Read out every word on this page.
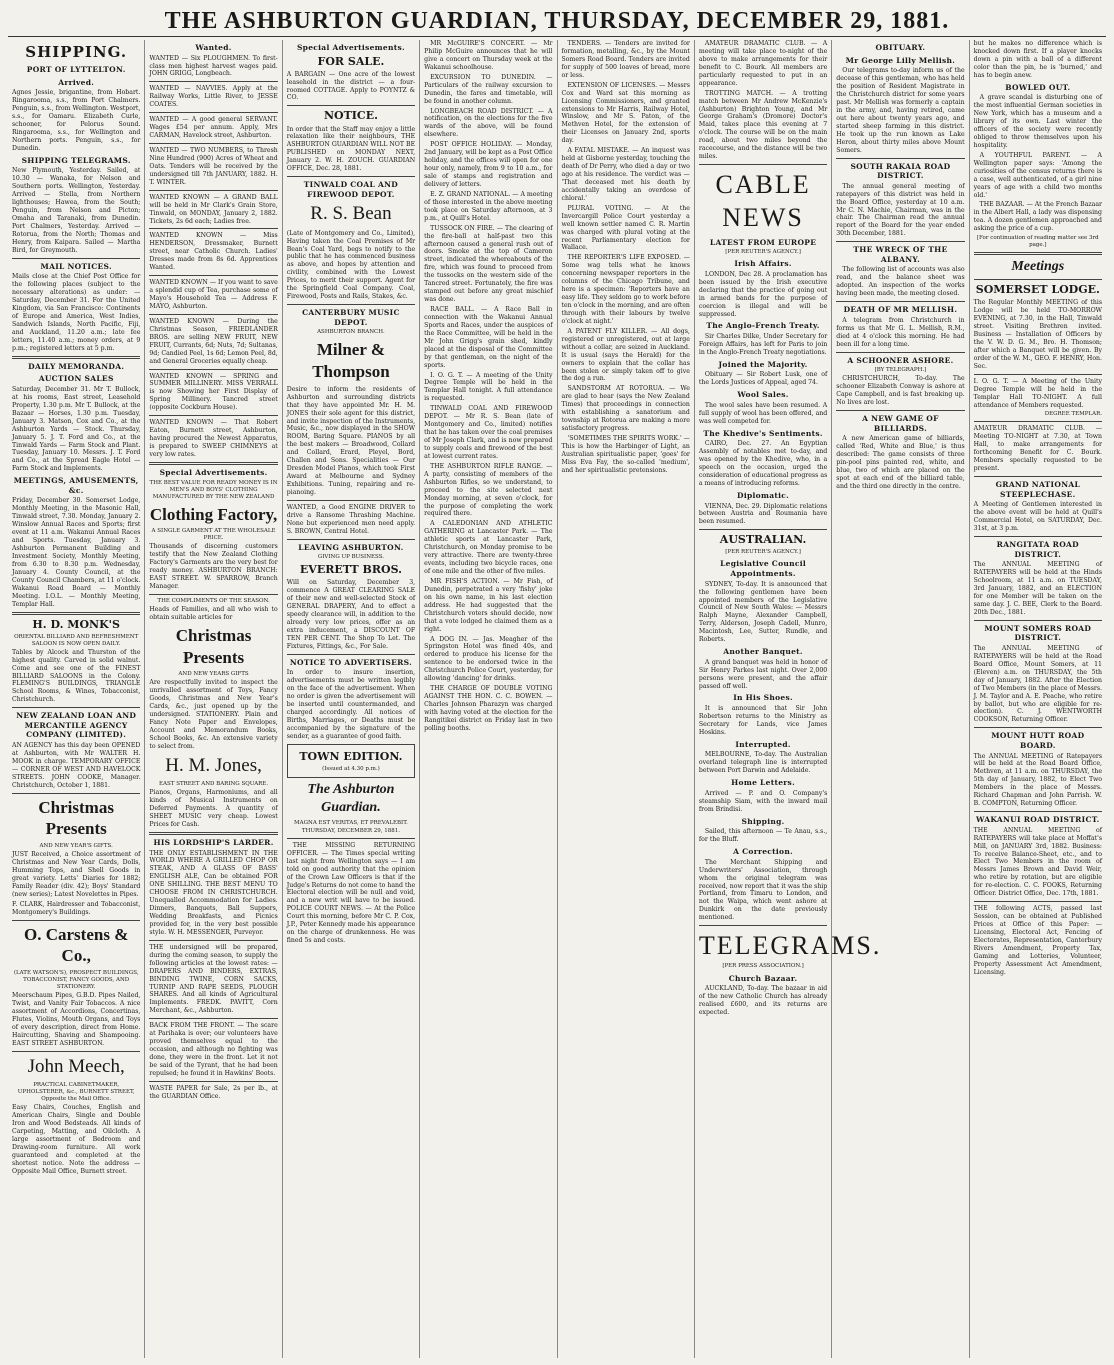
THE ASHBURTON GUARDIAN, THURSDAY, DECEMBER 29, 1881.
SHIPPING.
PORT OF LYTTELTON.
Arrived.

Agnes Jessie, brigantine, from Hobart. Ringarooma, s.s., from Port Chalmers. Penguin, s.s., from Wellington. Westport, s.s., for Oamaru. Elizabeth Curle, schooner, for Pelorus Sound. Ringarooma, s.s., for Wellington and Northern ports. Penguin, s.s., for Dunedin.

SHIPPING TELEGRAMS.

New Plymouth, Yesterday. Sailed, at 10.30 — Wanaka, for Nelson and Southern ports. Wellington, Yesterday. Arrived — Stella, from Northern lighthouses; Hawea, from the South; Penguin, from Nelson and Picton; Omaha and Taranaki, from Dunedin. Port Chalmers, Yesterday. Arrived — Rotorua, from the North; Thomas and Henry, from Kaipara. Sailed — Martha Bird, for Greymouth.

MAIL NOTICES.

Mails close at the Chief Post Office for the following places (subject to the necessary alterations) as under: — Saturday, December 31. For the United Kingdom, via San Francisco: Continents of Europe and America, West Indies, Sandwich Islands, North Pacific, Fiji, and Auckland, 11.20 a.m.; late fee letters, 11.40 a.m.; money orders, at 9 p.m.; registered letters at 5 p.m.

DAILY MEMORANDA.
AUCTION SALES

Saturday, December 31. Mr T. Bullock, at his rooms, East street, Leasehold Property, 1.30 p.m. Mr T. Bullock, at the Bazaar — Horses, 1.30 p.m. Tuesday, January 3. Matson, Cox and Co., at the Ashburton Yards — Stock. Thursday, January 5. J. T. Ford and Co., at the Tinwald Yards — Farm Stock and Plant. Tuesday, January 10. Messrs. J. T. Ford and Co., at the Spread Eagle Hotel — Farm Stock and Implements.

MEETINGS, AMUSEMENTS, &c.

Friday, December 30. Somerset Lodge, Monthly Meeting, in the Masonic Hall, Tinwald street, 7.30. Monday, January 2. Winslow Annual Races and Sports; first event at 11 a.m. Wakanui Annual Races and Sports. Tuesday, January 3. Ashburton Permanent Building and Investment Society, Monthly Meeting, from 6.30 to 8.30 p.m. Wednesday, January 4. County Council, at the County Council Chambers, at 11 o'clock. Wakanui Road Board — Monthly Meeting. I.O.L. — Monthly Meeting, Templar Hall.

H. D. MONK'S
ORIENTAL BILLIARD AND REFRESHMENT SALOON IS NOW OPEN DAILY.

Tables by Alcock and Thurston of the highest quality. Carved in solid walnut. Come and see one of the FINEST BILLIARD SALOONS in the Colony. FLEMING'S BUILDINGS, TRIANGLE School Rooms, & Wines, Tobacconist, Christchurch.

NEW ZEALAND LOAN AND MERCANTILE AGENCY COMPANY (LIMITED).

AN AGENCY has this day been OPENED at Ashburton, with Mr WALTER H. MOOK in charge. TEMPORARY OFFICE — CORNER OF WEST AND HAVELOCK STREETS. JOHN COOKE, Manager. Christchurch, October 1, 1881.

Christmas Presents
AND NEW YEAR'S GIFTS.

JUST Received, a Choice assortment of Christmas and New Year Cards, Dolls, Humming Tops, and Shell Goods in great variety. Letts' Diaries for 1882; Family Reader (div. 42); Boys' Standard (new series); Latest Novelettes in Pipes.

F. CLARK, Hairdresser and Tobacconist, Montgomery's Buildings.

O. Carstens & Co.,
(LATE WATSON'S), PROSPECT BUILDINGS, TOBACCONIST, FANCY GOODS, AND STATIONERY.

Meerschaum Pipes, G.B.D. Pipes Nailed, Twist, and Vanity Fair Tobaccos. A nice assortment of Accordions, Concertinas, Flutes, Violins, Mouth Organs, and Toys of every description, direct from Home. Haircutting, Shaving and Shampooing. EAST STREET ASHBURTON.

John Meech,
PRACTICAL CABINETMAKER, UPHOLSTERER, &c., BURNETT STREET, Opposite the Mail Office.

Easy Chairs, Couches, English and American Chairs, Single and Double Iron and Wood Bedsteads. All kinds of Carpeting, Matting, and Oilcloth. A large assortment of Bedroom and Drawing-room furniture. All work guaranteed and completed at the shortest notice. Note the address — Opposite Mail Office, Burnett street.

Wanted.

WANTED — Six PLOUGHMEN. To first-class men highest harvest wages paid. JOHN GRIGG, Longbeach.

WANTED — NAVVIES. Apply at the Railway Works, Little River, to JESSE COATES.

WANTED — A good general SERVANT. Wages £54 per annum. Apply, Mrs CARMAN, Havelock street, Ashburton.

WANTED — TWO NUMBERS, to Thresh Nine Hundred (900) Acres of Wheat and Oats. Tenders will be received by the undersigned till 7th JANUARY, 1882. H. T. WINTER.

WANTED KNOWN — A GRAND BALL will be held in Mr Clark's Grain Store, Tinwald, on MONDAY, January 2, 1882. Tickets, 2s 6d each; Ladies free.

WANTED KNOWN — Miss HENDERSON, Dressmaker, Burnett street, near Catholic Church. Ladies' Dresses made from 8s 6d. Apprentices Wanted.

WANTED KNOWN — If you want to save a splendid cup of Tea, purchase some of Mayo's Household Tea — Address F. MAYO, Ashburton.

WANTED KNOWN — During the Christmas Season, FRIEDLANDER BROS. are selling NEW FRUIT, NEW FRUIT, Currants, 6d; Nuts, 7d; Sultanas, 9d; Candied Peel, 1s 6d; Lemon Peel, 8d, and General Groceries equally cheap.

WANTED KNOWN — SPRING and SUMMER MILLINERY. MISS VERRALL is now Showing her First Display of Spring Millinery. Tancred street (opposite Cockburn House).

WANTED KNOWN — That Robert Eaton, Burnett street, Ashburton, having procured the Newest Apparatus, is prepared to SWEEP CHIMNEYS at very low rates.

Special Advertisements.
THE BEST VALUE FOR READY MONEY IS IN MEN'S AND BOYS' CLOTHING MANUFACTURED BY THE NEW ZEALAND
Clothing Factory,
A SINGLE GARMENT AT THE WHOLESALE PRICE.

Thousands of discerning customers testify that the New Zealand Clothing Factory's Garments are the very best for ready money. ASHBURTON BRANCH: EAST STREET. W. SPARROW, Branch Manager.

THE COMPLIMENTS OF THE SEASON.

Heads of Families, and all who wish to obtain suitable articles for

Christmas Presents
AND NEW YEARS GIFTS

Are respectfully invited to inspect the unrivalled assortment of Toys, Fancy Goods, Christmas and New Year's Cards, &c., just opened up by the undersigned. STATIONERY. Plain and Fancy Note Paper and Envelopes, Account and Memorandum Books, School Books, &c. An extensive variety to select from.

H. M. Jones,
EAST STREET AND BARING SQUARE.

Pianos, Organs, Harmoniums, and all kinds of Musical Instruments on Deferred Payments. A quantity of SHEET MUSIC very cheap. Lowest Prices for Cash.

HIS LORDSHIP'S LARDER.

THE ONLY ESTABLISHMENT IN THE WORLD WHERE A GRILLED CHOP OR STEAK, AND A GLASS OF BASS' ENGLISH ALE, Can be obtained FOR ONE SHILLING. THE BEST MENU TO CHOOSE FROM IN CHRISTCHURCH. Unequalled Accommodation for Ladies. Dinners, Banquets, Ball Suppers, Wedding Breakfasts, and Picnics provided for, in the very best possible style. W. H. MESSENGER, Purveyor.

THE undersigned will be prepared, during the coming season, to supply the following articles at the lowest rates: — DRAPERS AND BINDERS, EXTRAS, BINDING TWINE, CORN SACKS, TURNIP AND RAPE SEEDS, PLOUGH SHARES. And all kinds of Agricultural Implements. FREDK. PAVITT, Corn Merchant, &c., Ashburton.

BACK FROM THE FRONT. — The scare at Parihaka is over; our volunteers have proved themselves equal to the occasion, and although no fighting was done, they were in the front. Let it not be said of the Tyrant, that he had been repulsed; he found it in Hawkins' Boots.

WASTE PAPER for Sale, 2s per lb., at the GUARDIAN Office.

Special Advertisements.
FOR SALE.

A BARGAIN — One acre of the lowest leasehold in the district — a four-roomed COTTAGE. Apply to POYNTZ & CO.

NOTICE.

In order that the Staff may enjoy a little relaxation like their neighbours, THE ASHBURTON GUARDIAN WILL NOT BE PUBLISHED on MONDAY NEXT, January 2. W. H. ZOUCH. GUARDIAN OFFICE, Dec. 28, 1881.

TINWALD COAL AND FIREWOOD DEPOT.
R. S. Bean

(Late of Montgomery and Co., Limited), Having taken the Coal Premises of Mr Bean's Coal Yard, begs to notify to the public that he has commenced business as above, and hopes by attention and civility, combined with the Lowest Prices, to merit their support. Agent for the Springfield Coal Company. Coal, Firewood, Posts and Rails, Stakes, &c.

CANTERBURY MUSIC DEPOT.
ASHBURTON BRANCH.
Milner & Thompson

Desire to inform the residents of Ashburton and surrounding districts that they have appointed Mr. H. M. JONES their sole agent for this district, and invite inspection of the Instruments, Music, &c., now displayed in the SHOW ROOM, Baring Square. PIANOS by all the best makers — Broadwood, Collard and Collard, Erard, Pleyel, Bord, Challen and Sons. Specialities — Our Dresden Model Pianos, which took First Award at Melbourne and Sydney Exhibitions. Tuning, repairing and re-pianoing.

WANTED, a Good ENGINE DRIVER to drive a Ransome Thrashing Machine. None but experienced men need apply. S. BROWN, Central Hotel.

LEAVING ASHBURTON.
GIVING UP BUSINESS.
EVERETT BROS.

Will on Saturday, December 3, commence A GREAT CLEARING SALE of their new and well-selected Stock of GENERAL DRAPERY, And to effect a speedy clearance will, in addition to the already very low prices, offer as an extra inducement, a DISCOUNT OF TEN PER CENT. The Shop To Let. The Fixtures, Fittings, &c., For Sale.

NOTICE TO ADVERTISERS.

In order to insure insertion, advertisements must be written legibly on the face of the advertisement. When no order is given the advertisement will be inserted until countermanded, and charged accordingly. All notices of Births, Marriages, or Deaths must be accompanied by the signature of the sender, as a guarantee of good faith.

TOWN EDITION.
(Issued at 4.30 p.m.)
The Ashburton Guardian.
MAGNA EST VERITAS, ET PREVALEBIT.
THURSDAY, DECEMBER 29, 1881.

THE MISSING RETURNING OFFICER. — The Times special writing last night from Wellington says — I am told on good authority that the opinion of the Crown Law Officers is that if the Judge's Returns do not come to hand the Electoral election will be null and void, and a new writ will have to be issued. POLICE COURT NEWS. — At the Police Court this morning, before Mr C. P. Cox, J.P., Peter Kennedy made his appearance on the charge of drunkenness. He was fined 5s and costs.

MR McGUIRE'S CONCERT. — Mr Philip McGuire announces that he will give a concert on Thursday week at the Wakanui schoolhouse.

EXCURSION TO DUNEDIN. — Particulars of the railway excursion to Dunedin, the fares and timetable, will be found in another column.

LONGBEACH ROAD DISTRICT. — A notification, on the elections for the five wards of the above, will be found elsewhere.

POST OFFICE HOLIDAY. — Monday, 2nd January, will be kept as a Post Office holiday, and the offices will open for one hour only, namely, from 9 to 10 a.m., for sale of stamps and registration and delivery of letters.

E. Z. GRAND NATIONAL. — A meeting of those interested in the above meeting took place on Saturday afternoon, at 3 p.m., at Quill's Hotel.

TUSSOCK ON FIRE. — The clearing of the fire-ball at half-past two this afternoon caused a general rush out of doors. Smoke at the top of Cameron street, indicated the whereabouts of the fire, which was found to proceed from the tussocks on the western side of the Tancred street. Fortunately, the fire was stamped out before any great mischief was done.

RACE BALL. — A Race Ball in connection with the Wakanui Annual Sports and Races, under the auspices of the Race Committee, will be held in the Mr John Grigg's grain shed, kindly placed at the disposal of the Committee by that gentleman, on the night of the sports.

I. O. G. T. — A meeting of the Unity Degree Temple will be held in the Templar Hall tonight. A full attendance is requested.

TINWALD COAL AND FIREWOOD DEPOT. — Mr R. S. Bean (late of Montgomery and Co., limited) notifies that he has taken over the coal premises of Mr Joseph Clark, and is now prepared to supply coals and firewood of the best at lowest current rates.

THE ASHBURTON RIFLE RANGE. — A party, consisting of members of the Ashburton Rifles, so we understand, to proceed to the site selected next Monday morning, at seven o'clock, for the purpose of completing the work required there.

A CALEDONIAN AND ATHLETIC GATHERING at Lancaster Park. — The athletic sports at Lancaster Park, Christchurch, on Monday promise to be very attractive. There are twenty-three events, including two bicycle races, one of one mile and the other of five miles.

MR FISH'S ACTION. — Mr Fish, of Dunedin, perpetrated a very 'fishy' joke on his own name, in his last election address. He had suggested that the Christchurch voters should decide, now that a vote lodged he claimed them as a right.

A DOG IN. — Jas. Meagher of the Springston Hotel was fined 40s, and ordered to produce his license for the sentence to be endorsed twice in the Christchurch Police Court, yesterday, for allowing 'dancing' for drinks.

THE CHARGE OF DOUBLE VOTING AGAINST THE HON. C. C. BOWEN. — Charles Johnson Pharazyn was charged with having voted at the election for the Rangitikei district on Friday last in two polling booths.

TENDERS. — Tenders are invited for formation, metalling, &c., by the Mount Somers Road Board. Tenders are invited for supply of 500 loaves of bread, more or less.

EXTENSION OF LICENSES. — Messrs Cox and Ward sat this morning as Licensing Commissioners, and granted extensions to Mr Harris, Railway Hotel, Winslow, and Mr S. Paton, of the Methven Hotel, for the extension of their Licenses on January 2nd, sports day.

A FATAL MISTAKE. — An inquest was held at Gisborne yesterday, touching the death of Dr Perry, who died a day or two ago at his residence. The verdict was — 'That deceased met his death by accidentally taking an overdose of chloral.'

PLURAL VOTING. — At the Invercargill Police Court yesterday a well known settler named C. R. Martin was charged with plural voting at the recent Parliamentary election for Wallace.

THE REPORTER'S LIFE EXPOSED. — Some wag tells what he knows concerning newspaper reporters in the columns of the Chicago Tribune, and here is a specimen: 'Reporters have an easy life. They seldom go to work before ten o'clock in the morning, and are often through with their labours by twelve o'clock at night.'

A PATENT FLY KILLER. — All dogs, registered or unregistered, out at large without a collar, are seized in Auckland. It is usual (says the Herald) for the owners to explain that the collar has been stolen or simply taken off to give the dog a run.

SANDSTORM AT ROTORUA. — We are glad to hear (says the New Zealand Times) that proceedings in connection with establishing a sanatorium and township at Rotorua are making a more satisfactory progress.

'SOMETIMES THE SPIRITS WORK.' — This is how the Harbinger of Light, an Australian spiritualistic paper, 'goes' for Miss Eva Fay, the so-called 'medium', and her spiritualistic pretensions.

AMATEUR DRAMATIC CLUB. — A meeting will take place to-night of the above to make arrangements for their benefit to C. Bourk. All members are particularly requested to put in an appearance.

TROTTING MATCH. — A trotting match between Mr Andrew McKenzie's (Ashburton) Brighton Young, and Mr George Graham's (Dromore) Doctor's Maid, takes place this evening at 7 o'clock. The course will be on the main road, about two miles beyond the racecourse, and the distance will be two miles.

CABLE NEWS
LATEST FROM EUROPE
[PER REUTER'S AGENCY.]
Irish Affairs.

LONDON, Dec 28. A proclamation has been issued by the Irish executive declaring that the practice of going out in armed bands for the purpose of coercion is illegal and will be suppressed.

The Anglo-French Treaty.

Sir Charles Dilke, Under Secretary for Foreign Affairs, has left for Paris to join in the Anglo-French Treaty negotiations.

Joined the Majority.

Obituary — Sir Robert Lusk, one of the Lords Justices of Appeal, aged 74.

Wool Sales.

The wool sales have been resumed. A full supply of wool has been offered, and was well competed for.

The Khedive's Sentiments.

CAIRO, Dec. 27. An Egyptian Assembly of notables met to-day, and was opened by the Khedive, who, in a speech on the occasion, urged the consideration of educational progress as a means of introducing reforms.

Diplomatic.

VIENNA, Dec. 29. Diplomatic relations between Austria and Roumania have been resumed.

AUSTRALIAN.
[PER REUTER'S AGENCY.]
Legislative Council Appointments.

SYDNEY, To-day. It is announced that the following gentlemen have been appointed members of the Legislative Council of New South Wales: — Messrs Ralph Mayne, Alexander Campbell, Terry, Alderson, Joseph Cadell, Munro, Macintosh, Lee, Sutter, Rundle, and Roberts.

Another Banquet.

A grand banquet was held in honor of Sir Henry Parkes last night. Over 2,000 persons were present, and the affair passed off well.

In His Shoes.

It is announced that Sir John Robertson returns to the Ministry as Secretary for Lands, vice James Hoskins.

Interrupted.

MELBOURNE, To-day. The Australian overland telegraph line is interrupted between Port Darwin and Adelaide.

Home Letters.

Arrived — P. and O. Company's steamship Siam, with the inward mail from Brindisi.

Shipping.

Sailed, this afternoon — Te Anau, s.s., for the Bluff.

A Correction.

The Merchant Shipping and Underwriters' Association, through whom the original telegram was received, now report that it was the ship Portland, from Timaru to London, and not the Waipa, which went ashore at Dunkirk on the date previously mentioned.

TELEGRAMS.
[PER PRESS ASSOCIATION.]
Church Bazaar.

AUCKLAND, To-day. The bazaar in aid of the new Catholic Church has already realised £600, and its returns are expected.

OBITUARY.
Mr George Lilly Mellish.

Our telegrams to-day inform us of the decease of this gentleman, who has held the position of Resident Magistrate in the Christchurch district for some years past. Mr Mellish was formerly a captain in the army, and, having retired, came out here about twenty years ago, and started sheep farming in this district. He took up the run known as Lake Heron, about thirty miles above Mount Somers.

SOUTH RAKAIA ROAD DISTRICT.

The annual general meeting of ratepayers of this district was held in the Board Office, yesterday at 10 a.m. Mr C. N. Machie, Chairman, was in the chair. The Chairman read the annual report of the Board for the year ended 30th December, 1881.

THE WRECK OF THE ALBANY.

The following list of accounts was also read, and the balance sheet was adopted. An inspection of the works having been made, the meeting closed.

DEATH OF MR MELLISH.

A telegram from Christchurch in forms us that Mr G. L. Mellish, R.M., died at 4 o'clock this morning. He had been ill for a long time.

A SCHOONER ASHORE.
[BY TELEGRAPH.]

CHRISTCHURCH, To-day. The schooner Elizabeth Conway is ashore at Cape Campbell, and is fast breaking up. No lives are lost.

A NEW GAME OF BILLIARDS.

A new American game of billiards, called 'Red, White and Blue,' is thus described: The game consists of three pin-pool pins painted red, white, and blue, two of which are placed on the spot at each end of the billiard table, and the third one directly in the centre.

but he makes no difference which is knocked down first. If a player knocks down a pin with a ball of a different color than the pin, he is 'burned,' and has to begin anew.

BOWLED OUT.

A grave scandal is disturbing one of the most influential German societies in New York, which has a museum and a library of its own. Last winter the officers of the society were recently obliged to throw themselves upon his hospitality.

A YOUTHFUL PARENT. — A Wellington paper says: 'Among the curiosities of the census returns there is a case, well authenticated, of a girl nine years of age with a child two months old.'

THE BAZAAR. — At the French Bazaar in the Albert Hall, a lady was dispensing tea. A dozen gentlemen approached and asking the price of a cup.

[For continuation of reading matter see 3rd page.]
Meetings
SOMERSET LODGE.

The Regular Monthly MEETING of this Lodge will be held TO-MORROW EVENING, at 7.30, in the Hall, Tinwald street. Visiting Brethren invited. Business — Installation of Officers by the V. W. D. G. M., Bro. H. Thomson; after which a Banquet will be given. By order of the W. M., GEO. F. HENRY, Hon. Sec.

I. O. G. T. — A Meeting of the Unity Degree Temple will be held in the Templar Hall TO-NIGHT. A full attendance of Members requested.

DEGREE TEMPLAR.

AMATEUR DRAMATIC CLUB. — Meeting TO-NIGHT at 7.30, at Town Hall, to make arrangements for forthcoming Benefit for C. Bourk. Members specially requested to be present.

GRAND NATIONAL STEEPLECHASE.

A Meeting of Gentlemen interested in the above event will be held at Quill's Commercial Hotel, on SATURDAY, Dec. 31st, at 3 p.m.

RANGITATA ROAD DISTRICT.

The ANNUAL MEETING of RATEPAYERS will be held at the Hinds Schoolroom, at 11 a.m. on TUESDAY, 3rd January, 1882, and an ELECTION for one Member will be taken on the same day. J. C. BEE, Clerk to the Board. 20th Dec., 1881.

MOUNT SOMERS ROAD DISTRICT.

The ANNUAL MEETING of RATEPAYERS will be held at the Road Board Office, Mount Somers, at 11 (Eleven) a.m. on THURSDAY, the 5th day of January, 1882. After the Election of Two Members (in the place of Messrs. J. M. Taylor and A. E. Peache, who retire by ballot, but who are eligible for re-election). C. J. WENTWORTH COOKSON, Returning Officer.

MOUNT HUTT ROAD BOARD.

The ANNUAL MEETING of Ratepayers will be held at the Road Board Office, Methven, at 11 a.m. on THURSDAY, the 5th day of January, 1882, to Elect Two Members in the place of Messrs. Richard Chapman and John Parrish. W. B. COMPTON, Returning Officer.

WAKANUI ROAD DISTRICT.

THE ANNUAL MEETING of RATEPAYERS will take place at Moffat's Mill, on JANUARY 3rd, 1882. Business: To receive Balance-Sheet, etc., and to Elect Two Members in the room of Messrs James Brown and David Weir, who retire by rotation, but are eligible for re-election. C. C. FOOKS, Returning Officer. District Office, Dec. 17th, 1881.

THE following ACTS, passed last Session, can be obtained at Published Prices at Office of this Paper: — Licensing, Electoral Act, Fencing of Electorates, Representation, Canterbury Rivers Amendment, Property Tax, Gaming and Lotteries, Volunteer, Property Assessment Act Amendment, Licensing.
